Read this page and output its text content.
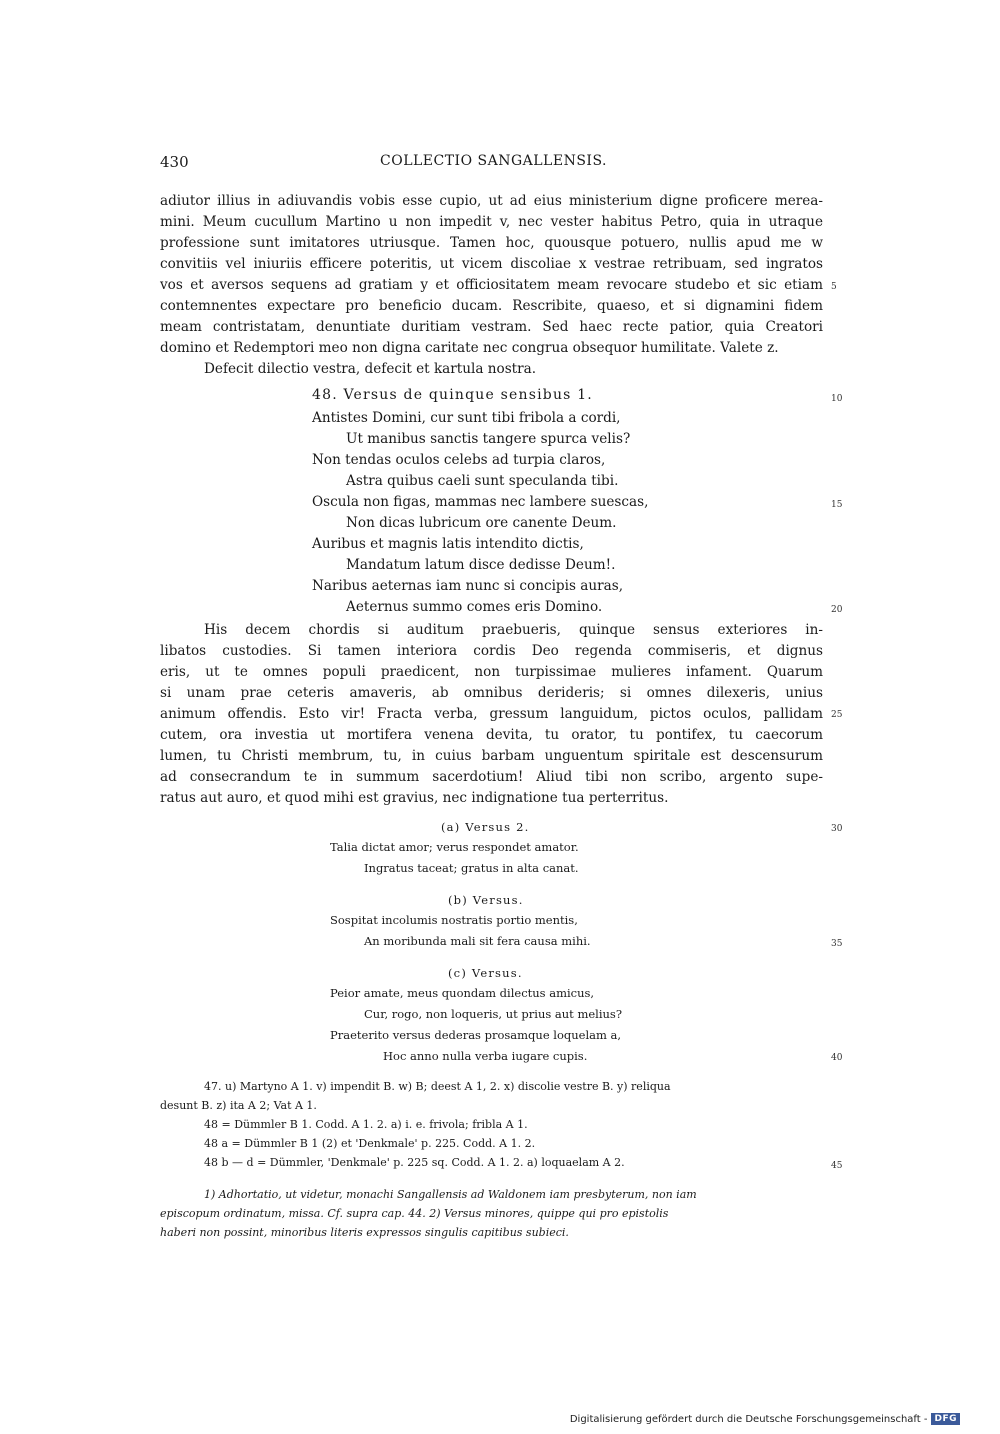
430	COLLECTIO SANGALLENSIS.
adiutor illius in adiuvandis vobis esse cupio, ut ad eius ministerium digne proficere merea-
mini. Meum cucullum Martino u non impedit v, nec vester habitus Petro, quia in utraque
professione sunt imitatores utriusque. Tamen hoc, quousque potuero, nullis apud me w
convitiis vel iniuriis efficere poteritis, ut vicem discoliae x vestrae retribuam, sed ingratos
vos et aversos sequens ad gratiam y et officiositatem meam revocare studebo et sic etiam
contemnentes expectare pro beneficio ducam. Rescribite, quaeso, et si dignamini fidem
meam contristatam, denuntiate duritiam vestram. Sed haec recte patior, quia Creatori
domino et Redemptori meo non digna caritate nec congrua obsequor humilitate. Valete z.
Defecit dilectio vestra, defecit et kartula nostra.
5
48. Versus de quinque sensibus 1.	10
Antistes Domini, cur sunt tibi fribola a cordi,
Ut manibus sanctis tangere spurca velis?
Non tendas oculos celebs ad turpia claros,
Astra quibus caeli sunt speculanda tibi.
Oscula non figas, mammas nec lambere suescas,
Non dicas lubricum ore canente Deum.
Auribus et magnis latis intendito dictis,
Mandatum latum disce dedisse Deum!.
Naribus aeternas iam nunc si concipis auras,
Aeternus summo comes eris Domino.
15
20
His decem chordis si auditum praebueris, quinque sensus exteriores in-
libatos custodies. Si tamen interiora cordis Deo regenda commiseris, et dignus
eris, ut te omnes populi praedicent, non turpissimae mulieres infament. Quarum
si unam prae ceteris amaveris, ab omnibus derideris; si omnes dilexeris, unius
animum offendis. Esto vir! Fracta verba, gressum languidum, pictos oculos, pallidam
cutem, ora investia ut mortifera venena devita, tu orator, tu pontifex, tu caecorum
lumen, tu Christi membrum, tu, in cuius barbam unguentum spiritale est descensurum
ad consecrandum te in summum sacerdotium! Aliud tibi non scribo, argento supe-
ratus aut auro, et quod mihi est gravius, nec indignatione tua perterritus.
25
(a) Versus 2.	30
Talia dictat amor; verus respondet amator.
Ingratus taceat; gratus in alta canat.
(b) Versus.
Sospitat incolumis nostratis portio mentis,
An moribunda mali sit fera causa mihi.	35
(c) Versus.
Peior amate, meus quondam dilectus amicus,
Cur, rogo, non loqueris, ut prius aut melius?
Praeterito versus dederas prosamque loquelam a,
Hoc anno nulla verba iugare cupis.	40
47. u) Martyno A 1. v) impendit B. w) B; deest A 1, 2. x) discolie vestre B. y) reliqua
desunt B. z) ita A 2; Vat A 1.
48 = Dümmler B 1. Codd. A 1. 2. a) i. e. frivola; fribla A 1.
48 a = Dümmler B 1 (2) et 'Denkmale' p. 225. Codd. A 1. 2.
48 b — d = Dümmler, 'Denkmale' p. 225 sq. Codd. A 1. 2. a) loquaelam A 2.	45
1) Adhortatio, ut videtur, monachi Sangallensis ad Waldonem iam presbyterum, non iam
episcopum ordinatum, missa. Cf. supra cap. 44. 2) Versus minores, quippe qui pro epistolis
haberi non possint, minoribus literis expressos singulis capitibus subieci.
Digitalisierung gefördert durch die Deutsche Forschungsgemeinschaft - DFG
